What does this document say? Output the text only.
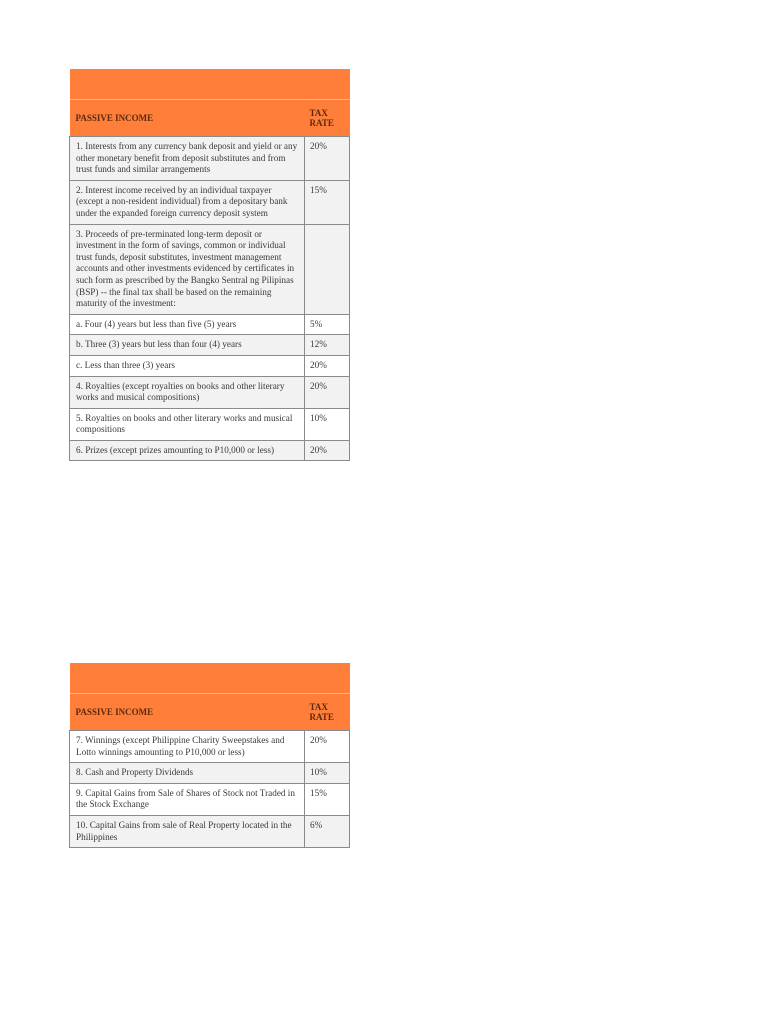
PASSIVE INCOME	TAX
RATE
1. Interests from any currency bank deposit and yield or any other monetary benefit from deposit substitutes and from trust funds and similar arrangements	20%
2. Interest income received by an individual taxpayer (except a non-resident individual) from a depositary bank under the expanded foreign currency deposit system	15%
3. Proceeds of pre-terminated long-term deposit or investment in the form of savings, common or individual trust funds, deposit substitutes, investment management accounts and other investments evidenced by certificates in such form as prescribed by the Bangko Sentral ng Pilipinas (BSP) -- the final tax shall be based on the remaining maturity of the investment:	
a. Four (4) years but less than five (5) years	5%
b. Three (3) years but less than four (4) years	12%
c. Less than three (3) years	20%
4. Royalties (except royalties on books and other literary works and musical compositions)	20%
5. Royalties on books and other literary works and musical compositions	10%
6. Prizes (except prizes amounting to P10,000 or less)	20%

PASSIVE INCOME	TAX
RATE
7. Winnings (except Philippine Charity Sweepstakes and Lotto winnings amounting to P10,000 or less)	20%
8. Cash and Property Dividends	10%
9. Capital Gains from Sale of Shares of Stock not Traded in the Stock Exchange	15%
10. Capital Gains from sale of Real Property located in the Philippines	6%
